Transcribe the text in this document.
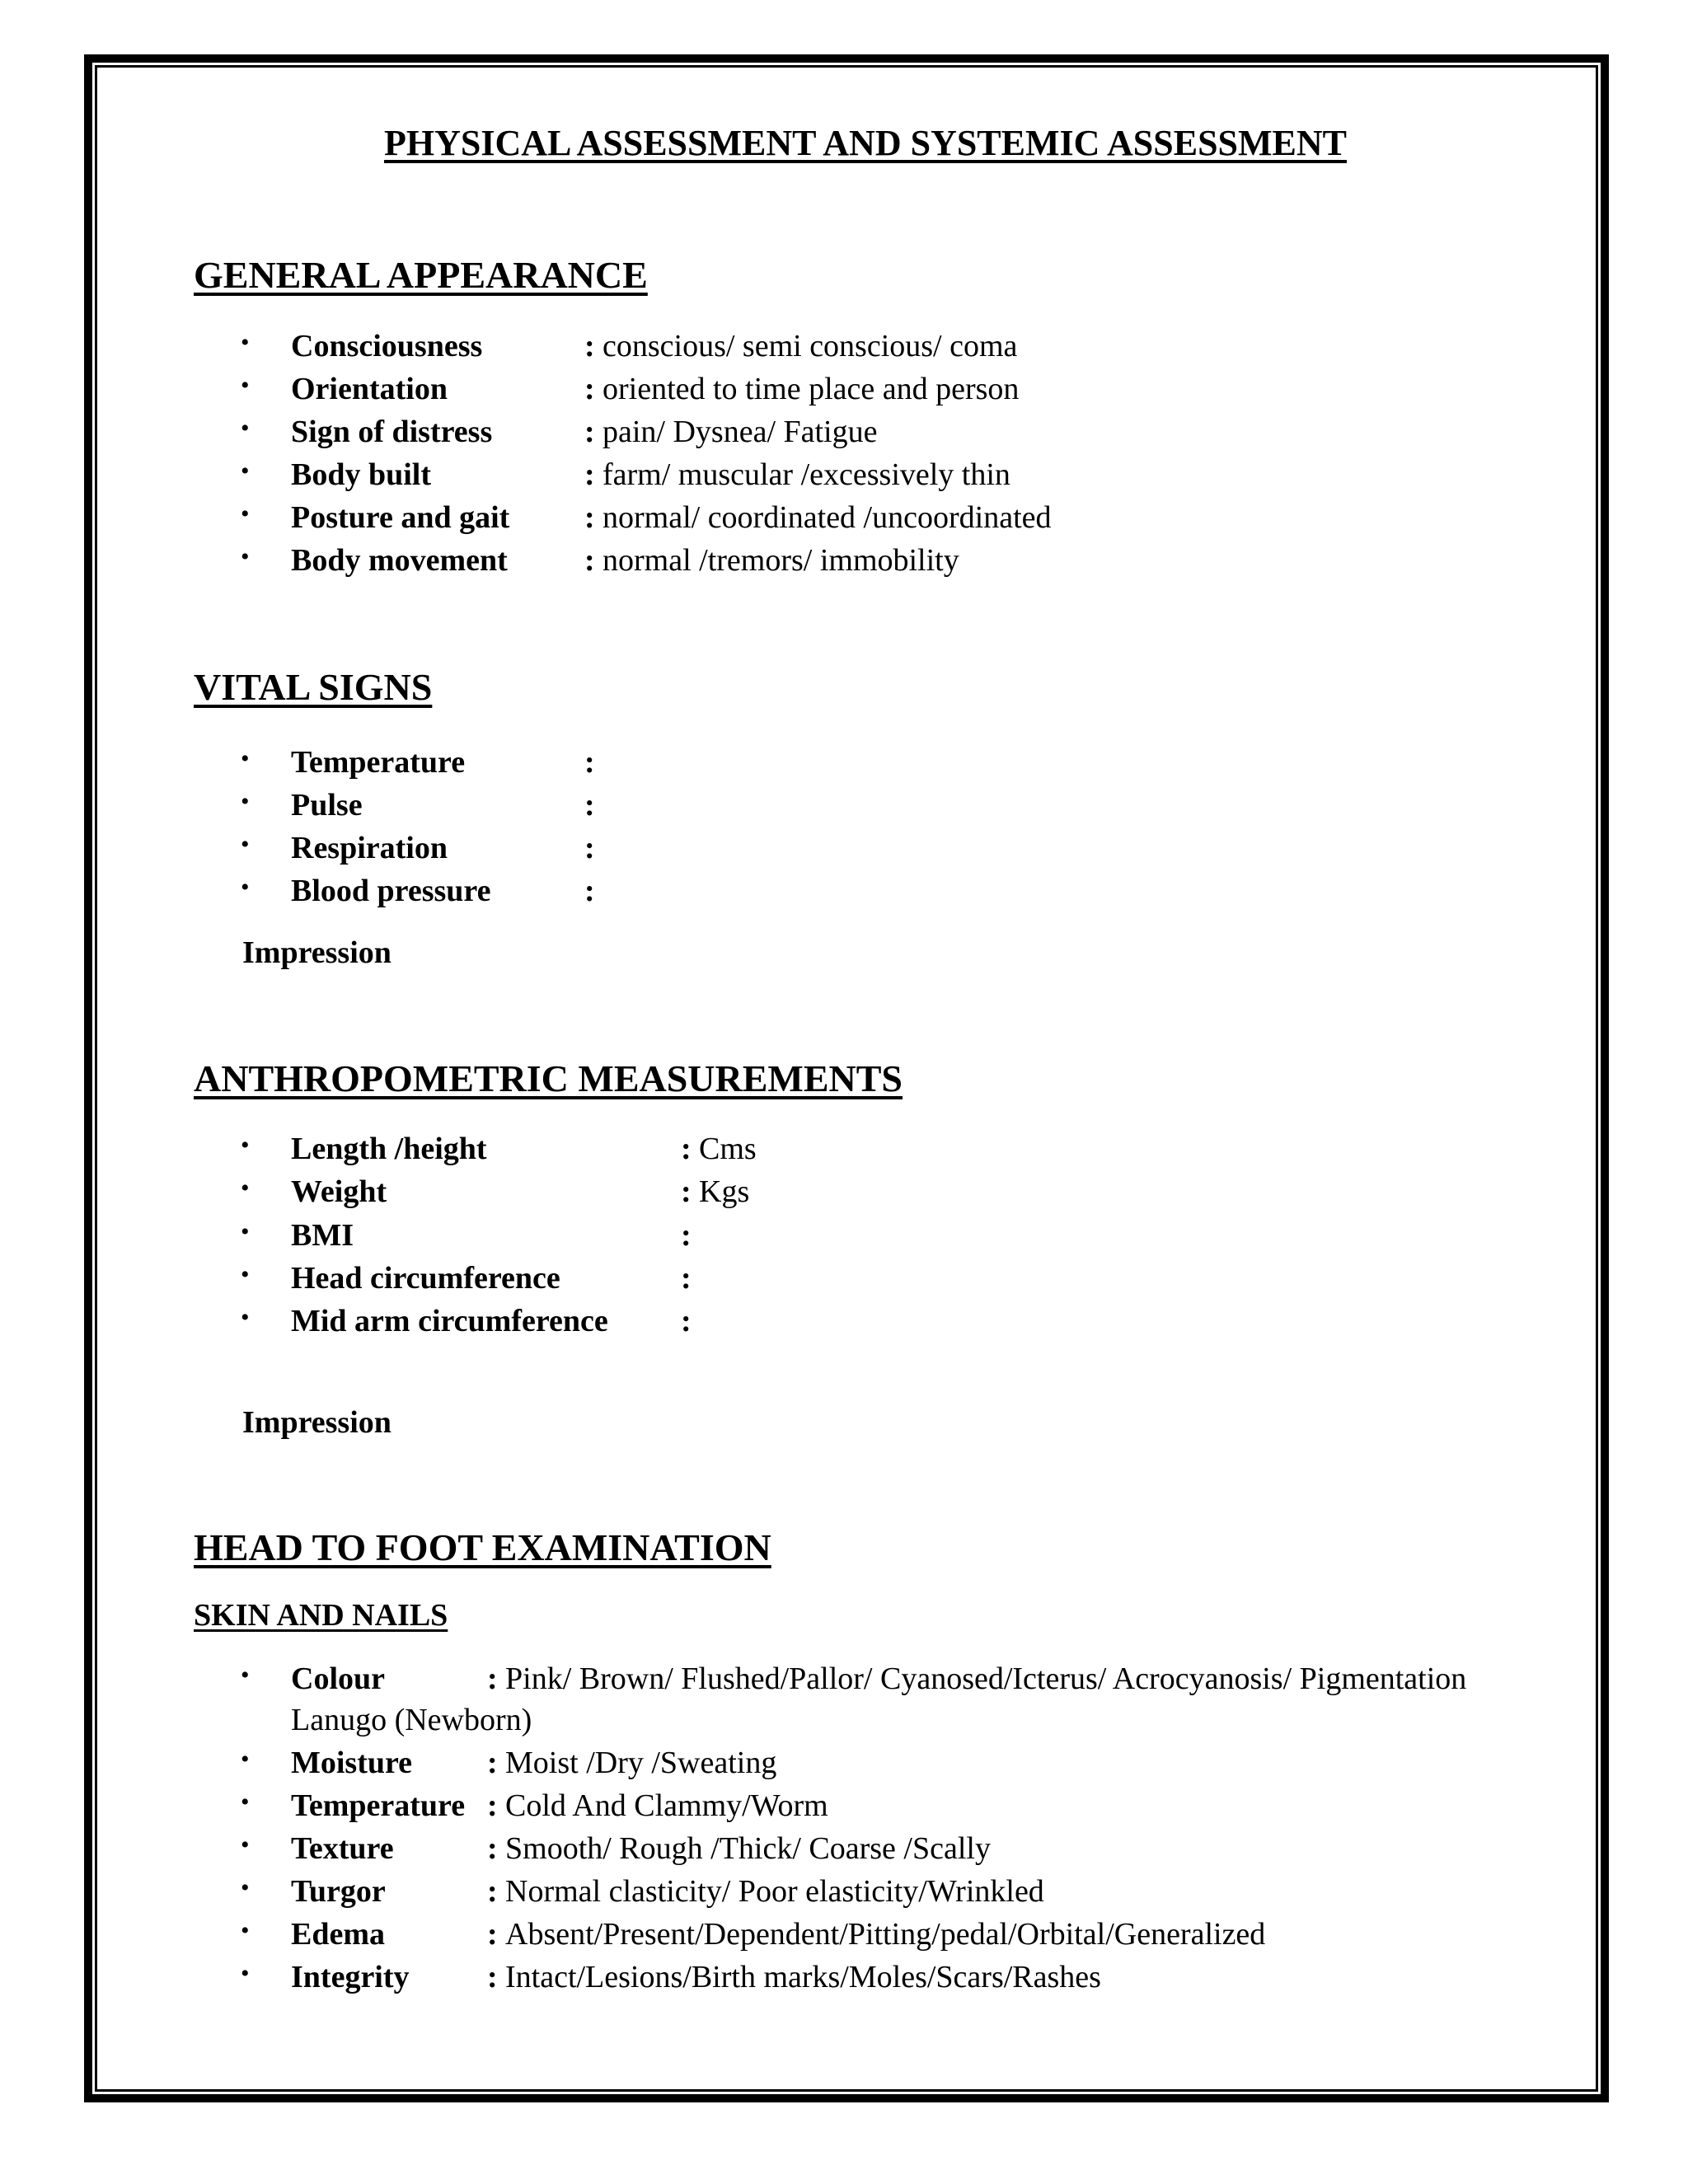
PHYSICAL ASSESSMENT AND SYSTEMIC ASSESSMENT
GENERAL APPEARANCE
• Consciousness	: conscious/ semi conscious/ coma
• Orientation	: oriented to time place and person
• Sign of distress	: pain/ Dysnea/ Fatigue
• Body built	: farm/ muscular /excessively thin
• Posture and gait : normal/ coordinated /uncoordinated
• Body movement : normal /tremors/ immobility
VITAL SIGNS
• Temperature	:
• Pulse	:
• Respiration	:
• Blood pressure	:
Impression
ANTHROPOMETRIC MEASUREMENTS
• Length /height	: Cms
• Weight	: Kgs
• BMI	:
• Head circumference	:
• Mid arm circumference :
Impression
HEAD TO FOOT EXAMINATION
SKIN AND NAILS
• Colour	: Pink/ Brown/ Flushed/Pallor/ Cyanosed/Icterus/ Acrocyanosis/ Pigmentation
Lanugo (Newborn)
• Moisture : Moist /Dry /Sweating
• Temperature : Cold And Clammy/Worm
• Texture	: Smooth/ Rough /Thick/ Coarse /Scally
• Turgor	: Normal clasticity/ Poor elasticity/Wrinkled
• Edema	: Absent/Present/Dependent/Pitting/pedal/Orbital/Generalized
• Integrity : Intact/Lesions/Birth marks/Moles/Scars/Rashes
